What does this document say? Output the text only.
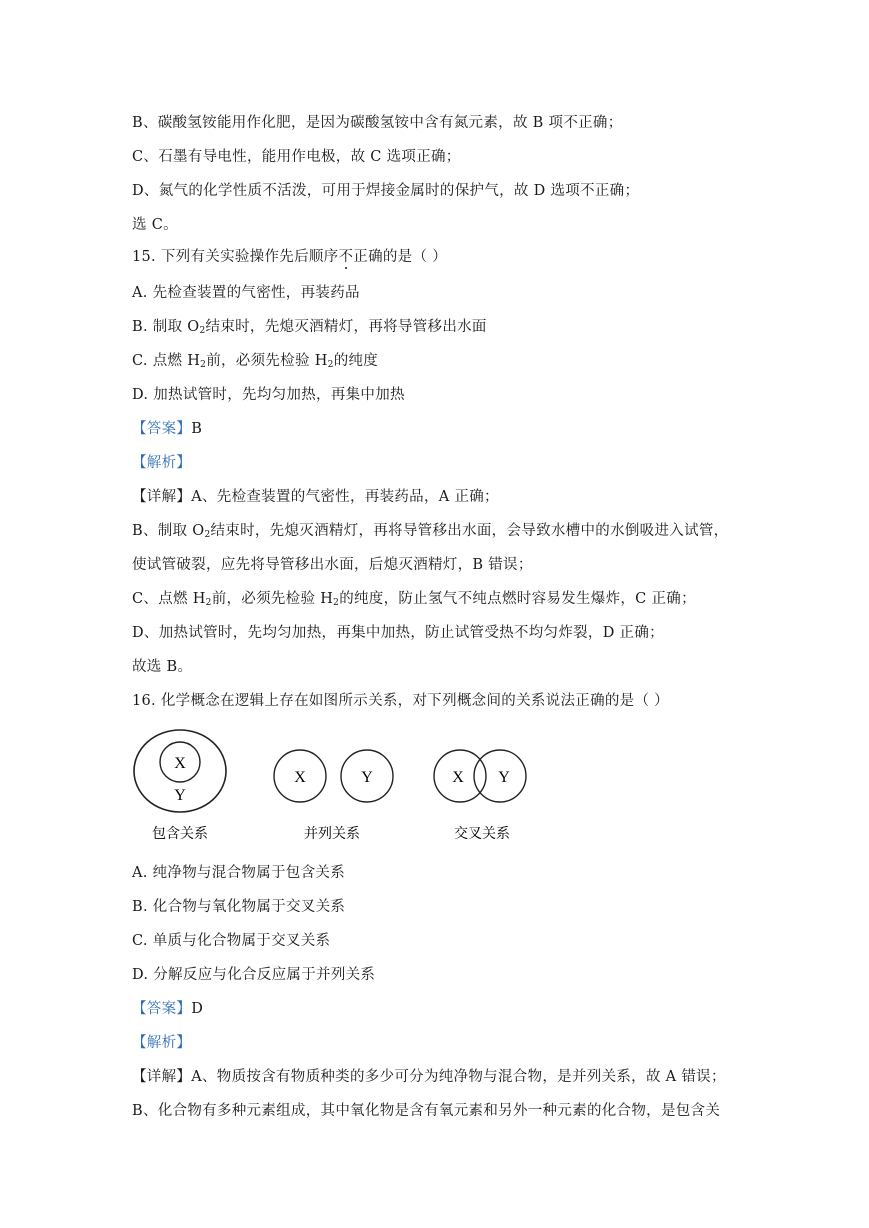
B、碳酸氢铵能用作化肥，是因为碳酸氢铵中含有氮元素，故 B 项不正确；
C、石墨有导电性，能用作电极，故 C 选项正确；
D、氮气的化学性质不活泼，可用于焊接金属时的保护气，故 D 选项不正确；
选 C。
15. 下列有关实验操作先后顺序不正确的是（ ）
A. 先检查装置的气密性，再装药品
B. 制取 $O_2$结束时，先熄灭酒精灯，再将导管移出水面
C. 点燃 $H_2$前，必须先检验 $H_2$的纯度
D. 加热试管时，先均匀加热，再集中加热
【答案】B
【解析】
【详解】A、先检查装置的气密性，再装药品，A 正确；
B、制取 $O_2$结束时，先熄灭酒精灯，再将导管移出水面，会导致水槽中的水倒吸进入试管，
使试管破裂，应先将导管移出水面，后熄灭酒精灯，B 错误；
C、点燃 $H_2$前，必须先检验 $H_2$的纯度，防止氢气不纯点燃时容易发生爆炸，C 正确；
D、加热试管时，先均匀加热，再集中加热，防止试管受热不均匀炸裂，D 正确；
故选 B。
16. 化学概念在逻辑上存在如图所示关系，对下列概念间的关系说法正确的是（ ）
X
Y
包含关系
X	Y
并列关系
X Y
交叉关系
A. 纯净物与混合物属于包含关系
B. 化合物与氧化物属于交叉关系
C. 单质与化合物属于交叉关系
D. 分解反应与化合反应属于并列关系
【答案】D
【解析】
【详解】A、物质按含有物质种类的多少可分为纯净物与混合物，是并列关系，故 A 错误；
B、化合物有多种元素组成，其中氧化物是含有氧元素和另外一种元素的化合物，是包含关
